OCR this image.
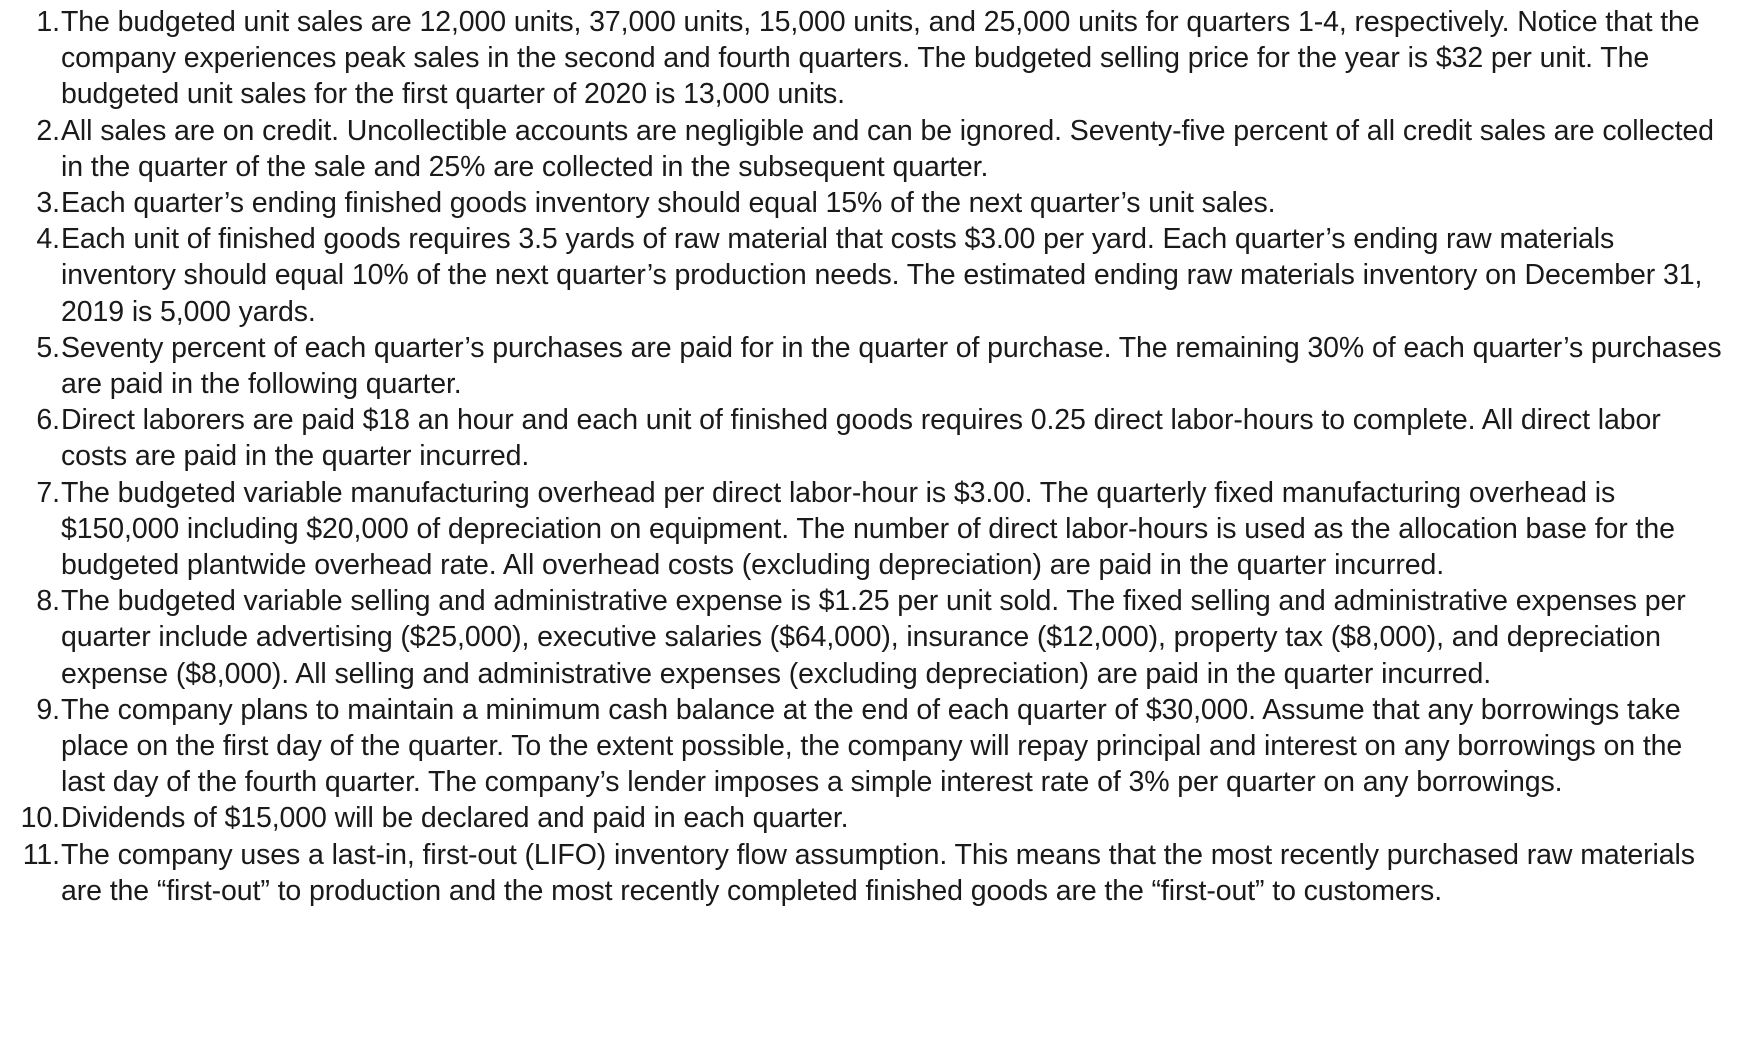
1. The budgeted unit sales are 12,000 units, 37,000 units, 15,000 units, and 25,000 units for quarters 1-4, respectively. Notice that the company experiences peak sales in the second and fourth quarters. The budgeted selling price for the year is $32 per unit. The budgeted unit sales for the first quarter of 2020 is 13,000 units.
2. All sales are on credit. Uncollectible accounts are negligible and can be ignored. Seventy-five percent of all credit sales are collected in the quarter of the sale and 25% are collected in the subsequent quarter.
3. Each quarter’s ending finished goods inventory should equal 15% of the next quarter’s unit sales.
4. Each unit of finished goods requires 3.5 yards of raw material that costs $3.00 per yard. Each quarter’s ending raw materials inventory should equal 10% of the next quarter’s production needs. The estimated ending raw materials inventory on December 31, 2019 is 5,000 yards.
5. Seventy percent of each quarter’s purchases are paid for in the quarter of purchase. The remaining 30% of each quarter’s purchases are paid in the following quarter.
6. Direct laborers are paid $18 an hour and each unit of finished goods requires 0.25 direct labor-hours to complete. All direct labor costs are paid in the quarter incurred.
7. The budgeted variable manufacturing overhead per direct labor-hour is $3.00. The quarterly fixed manufacturing overhead is $150,000 including $20,000 of depreciation on equipment. The number of direct labor-hours is used as the allocation base for the budgeted plantwide overhead rate. All overhead costs (excluding depreciation) are paid in the quarter incurred.
8. The budgeted variable selling and administrative expense is $1.25 per unit sold. The fixed selling and administrative expenses per quarter include advertising ($25,000), executive salaries ($64,000), insurance ($12,000), property tax ($8,000), and depreciation expense ($8,000). All selling and administrative expenses (excluding depreciation) are paid in the quarter incurred.
9. The company plans to maintain a minimum cash balance at the end of each quarter of $30,000. Assume that any borrowings take place on the first day of the quarter. To the extent possible, the company will repay principal and interest on any borrowings on the last day of the fourth quarter. The company’s lender imposes a simple interest rate of 3% per quarter on any borrowings.
10. Dividends of $15,000 will be declared and paid in each quarter.
11. The company uses a last-in, first-out (LIFO) inventory flow assumption. This means that the most recently purchased raw materials are the “first-out” to production and the most recently completed finished goods are the “first-out” to customers.
